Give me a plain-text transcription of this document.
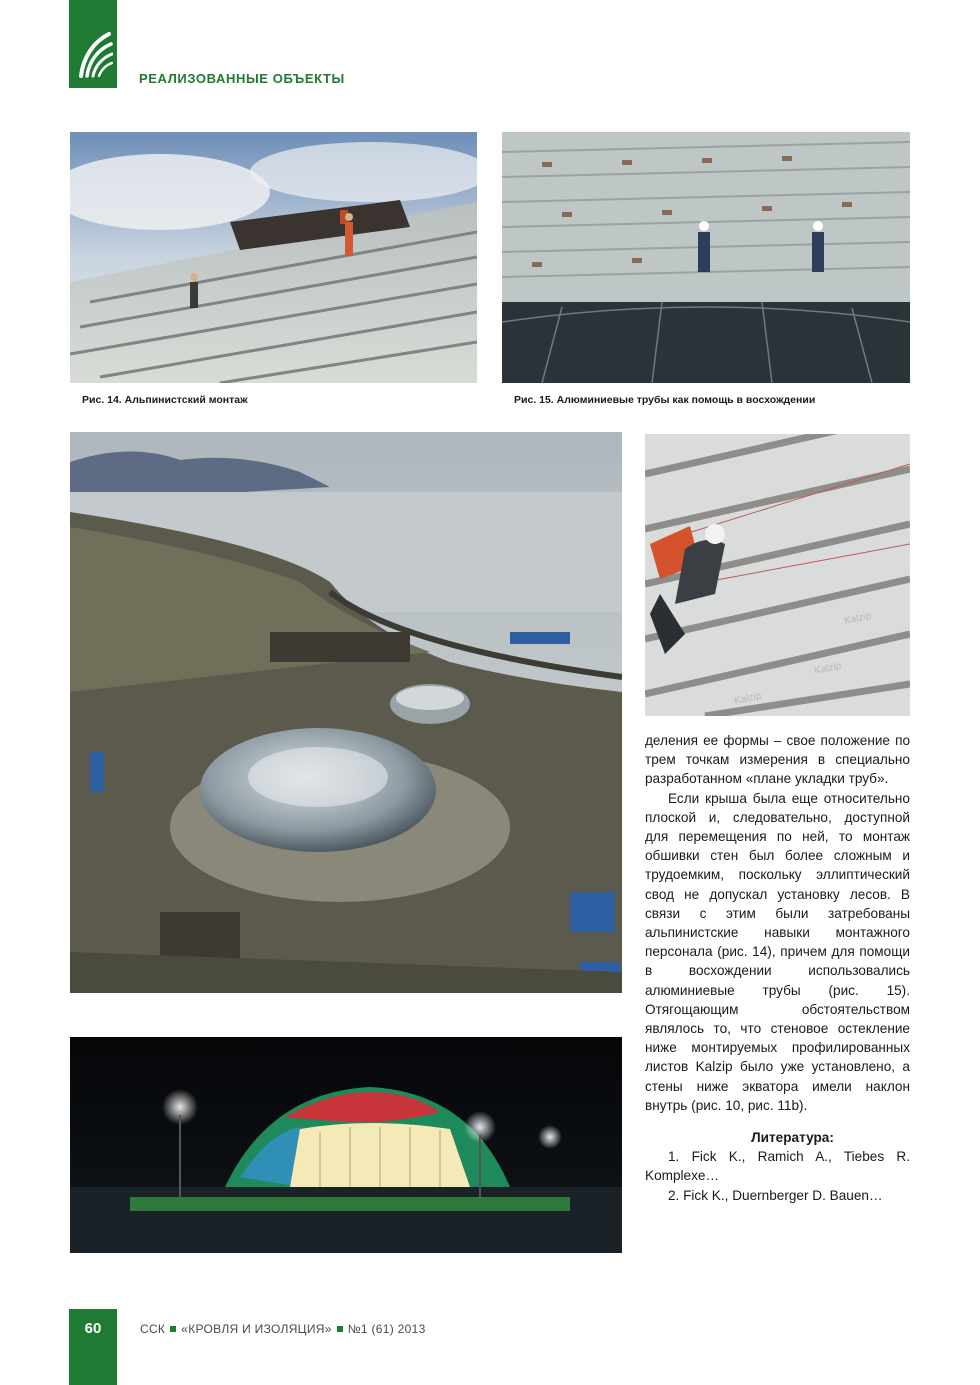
РЕАЛИЗОВАННЫЕ ОБЪЕКТЫ
Рис. 14. Альпинистский монтаж	Рис. 15. Алюминиевые трубы как помощь в восхождении
Kalzip
Kalzip
Kalzip

деления ее формы – свое положение по трем точкам измерения в специально разработанном «плане укладки труб».

Если крыша была еще относительно плоской и, следовательно, доступной для перемещения по ней, то монтаж обшивки стен был более сложным и трудоемким, поскольку эллиптический свод не допускал установку лесов. В связи с этим были затребованы альпинистские навыки монтажного персонала (рис. 14), причем для помощи в восхождении использовались алюминиевые трубы (рис. 15). Отягощающим обстоятельством являлось то, что стеновое остекление ниже монтируемых профилированных листов Kalzip было уже установлено, а стены ниже экватора имели наклон внутрь (рис. 10, рис. 11b).

Литература:

1. Fick K., Ramich A., Tiebes R. Komplexe…

2. Fick K., Duernberger D. Bauen…

60	ССК «КРОВЛЯ И ИЗОЛЯЦИЯ» №1 (61) 2013
